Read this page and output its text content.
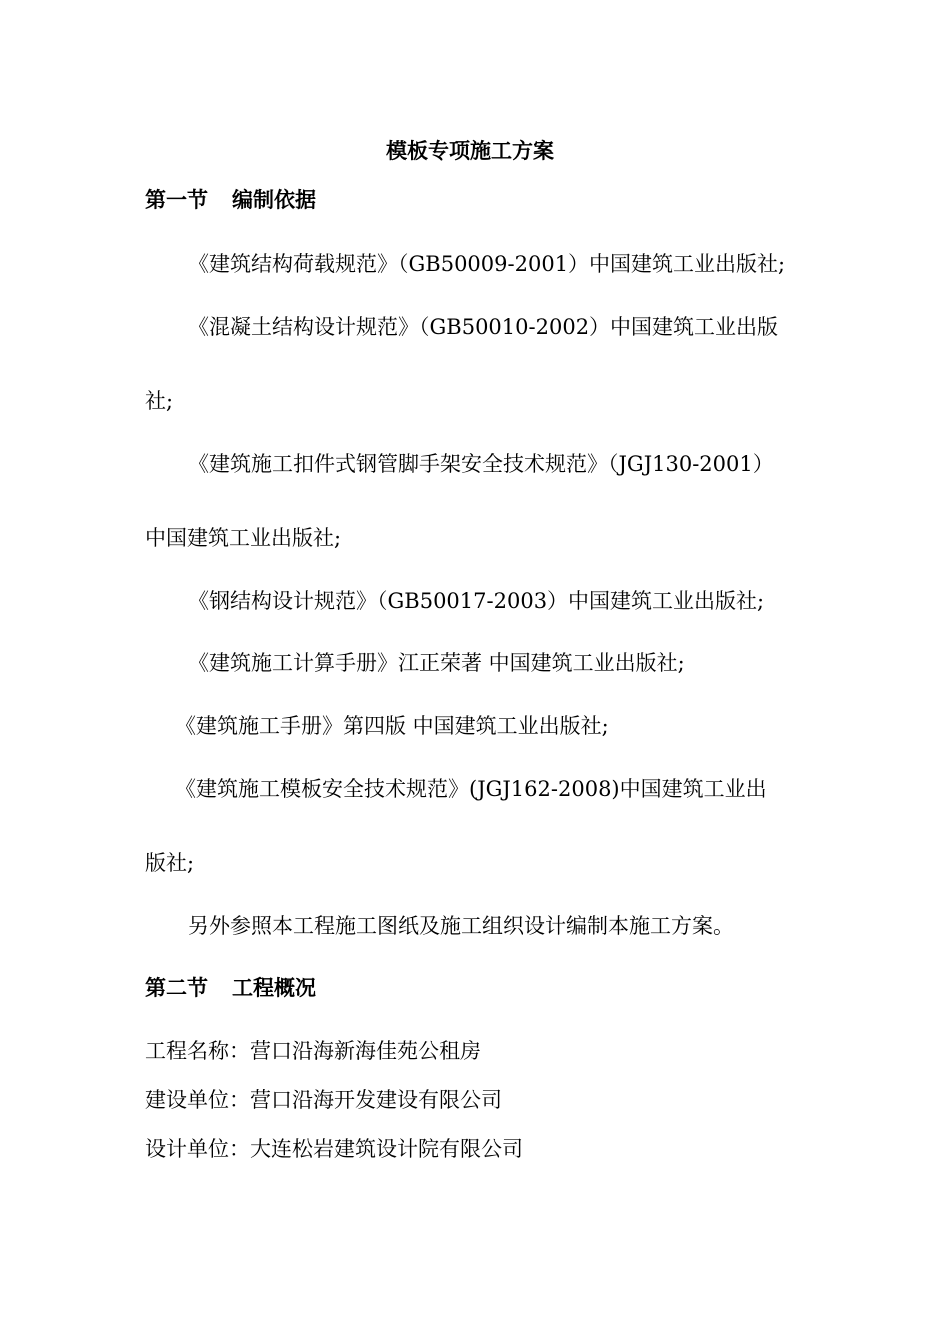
模板专项施工方案
第一节 编制依据
《建筑结构荷载规范》（GB50009-2001）中国建筑工业出版社;
《混凝土结构设计规范》（GB50010-2002）中国建筑工业出版
社;
《建筑施工扣件式钢管脚手架安全技术规范》（JGJ130-2001）
中国建筑工业出版社;
《钢结构设计规范》（GB50017-2003）中国建筑工业出版社;
《建筑施工计算手册》江正荣著 中国建筑工业出版社;
《建筑施工手册》第四版 中国建筑工业出版社;
《建筑施工模板安全技术规范》(JGJ162-2008)中国建筑工业出
版社;
另外参照本工程施工图纸及施工组织设计编制本施工方案。
第二节 工程概况
工程名称：营口沿海新海佳苑公租房
建设单位：营口沿海开发建设有限公司
设计单位：大连松岩建筑设计院有限公司
